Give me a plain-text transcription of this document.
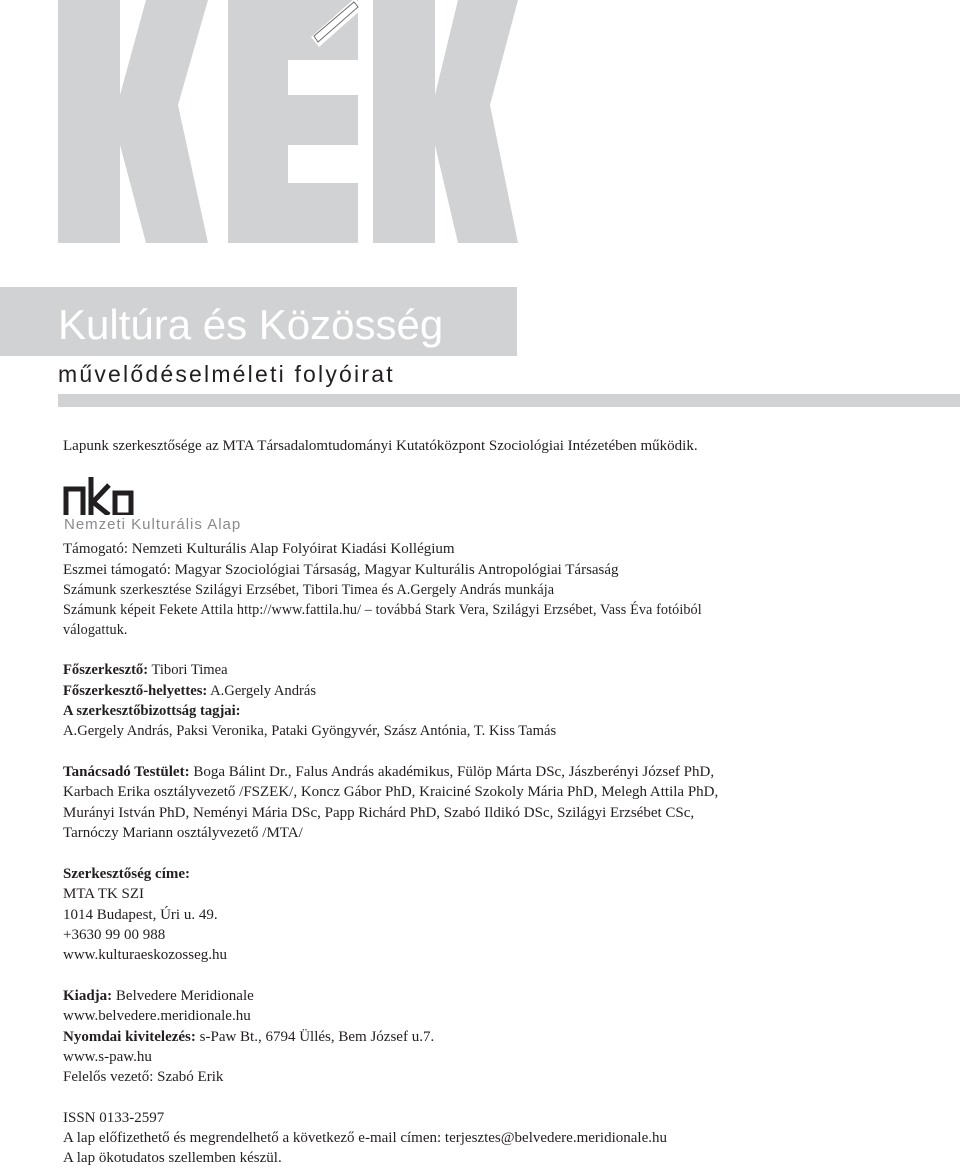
Kultúra és Közösség
művelődéselméleti folyóirat
Lapunk szerkesztősége az MTA Társadalomtudományi Kutatóközpont Szociológiai Intézetében működik.
Nemzeti Kulturális Alap
Támogató: Nemzeti Kulturális Alap Folyóirat Kiadási Kollégium
Eszmei támogató: Magyar Szociológiai Társaság, Magyar Kulturális Antropológiai Társaság
Számunk szerkesztése Szilágyi Erzsébet, Tibori Timea és A.Gergely András munkája
Számunk képeit Fekete Attila http://www.fattila.hu/ – továbbá Stark Vera, Szilágyi Erzsébet, Vass Éva fotóiból
válogattuk.
Főszerkesztő: Tibori Timea
Főszerkesztő-helyettes: A.Gergely András
A szerkesztőbizottság tagjai:
A.Gergely András, Paksi Veronika, Pataki Gyöngyvér, Szász Antónia, T. Kiss Tamás
Tanácsadó Testület: Boga Bálint Dr., Falus András akadémikus, Fülöp Márta DSc, Jászberényi József PhD,
Karbach Erika osztályvezető /FSZEK/, Koncz Gábor PhD, Kraiciné Szokoly Mária PhD, Melegh Attila PhD,
Murányi István PhD, Neményi Mária DSc, Papp Richárd PhD, Szabó Ildikó DSc, Szilágyi Erzsébet CSc,
Tarnóczy Mariann osztályvezető /MTA/
Szerkesztőség címe:
MTA TK SZI
1014 Budapest, Úri u. 49.
+3630 99 00 988
www.kulturaeskozosseg.hu
Kiadja: Belvedere Meridionale
www.belvedere.meridionale.hu
Nyomdai kivitelezés: s-Paw Bt., 6794 Üllés, Bem József u.7.
www.s-paw.hu
Felelős vezető: Szabó Erik
ISSN 0133-2597
A lap előfizethető és megrendelhető a következő e-mail címen: terjesztes@belvedere.meridionale.hu
A lap ökotudatos szellemben készül.
